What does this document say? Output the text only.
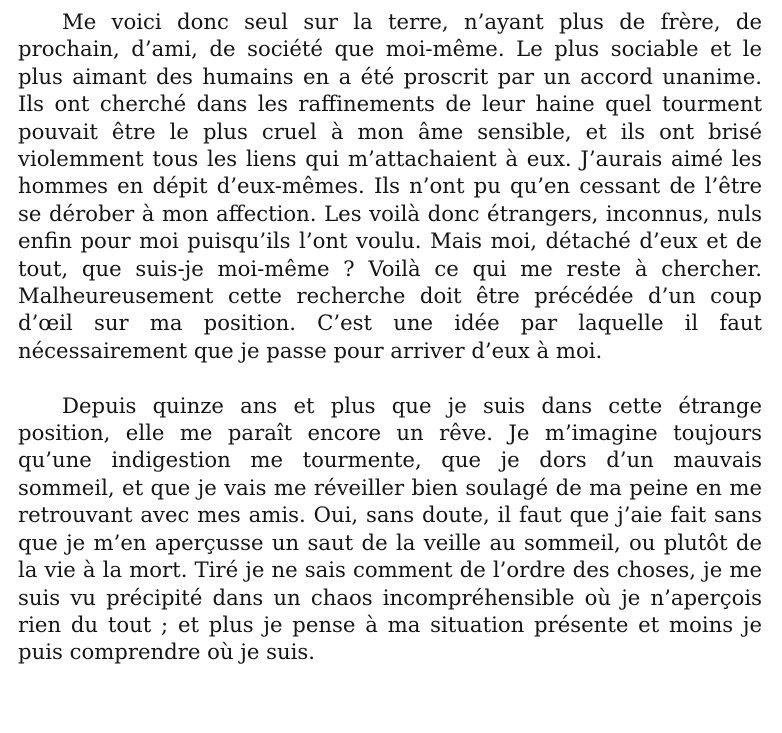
Me voici donc seul sur la terre, n’ayant plus de frère, de prochain, d’ami, de société que moi-même. Le plus sociable et le plus aimant des humains en a été proscrit par un accord unanime. Ils ont cherché dans les raffinements de leur haine quel tourment pouvait être le plus cruel à mon âme sensible, et ils ont brisé violemment tous les liens qui m’attachaient à eux. J’aurais aimé les hommes en dépit d’eux-mêmes. Ils n’ont pu qu’en cessant de l’être se dérober à mon affection. Les voilà donc étrangers, inconnus, nuls enfin pour moi puisqu’ils l’ont voulu. Mais moi, détaché d’eux et de tout, que suis-je moi-même ? Voilà ce qui me reste à chercher. Malheureusement cette recherche doit être précédée d’un coup d’œil sur ma position. C’est une idée par laquelle il faut nécessairement que je passe pour arriver d’eux à moi.

Depuis quinze ans et plus que je suis dans cette étrange position, elle me paraît encore un rêve. Je m’imagine toujours qu’une indigestion me tourmente, que je dors d’un mauvais sommeil, et que je vais me réveiller bien soulagé de ma peine en me retrouvant avec mes amis. Oui, sans doute, il faut que j’aie fait sans que je m’en aperçusse un saut de la veille au sommeil, ou plutôt de la vie à la mort. Tiré je ne sais comment de l’ordre des choses, je me suis vu précipité dans un chaos incompréhensible où je n’aperçois rien du tout ; et plus je pense à ma situation présente et moins je puis comprendre où je suis.
